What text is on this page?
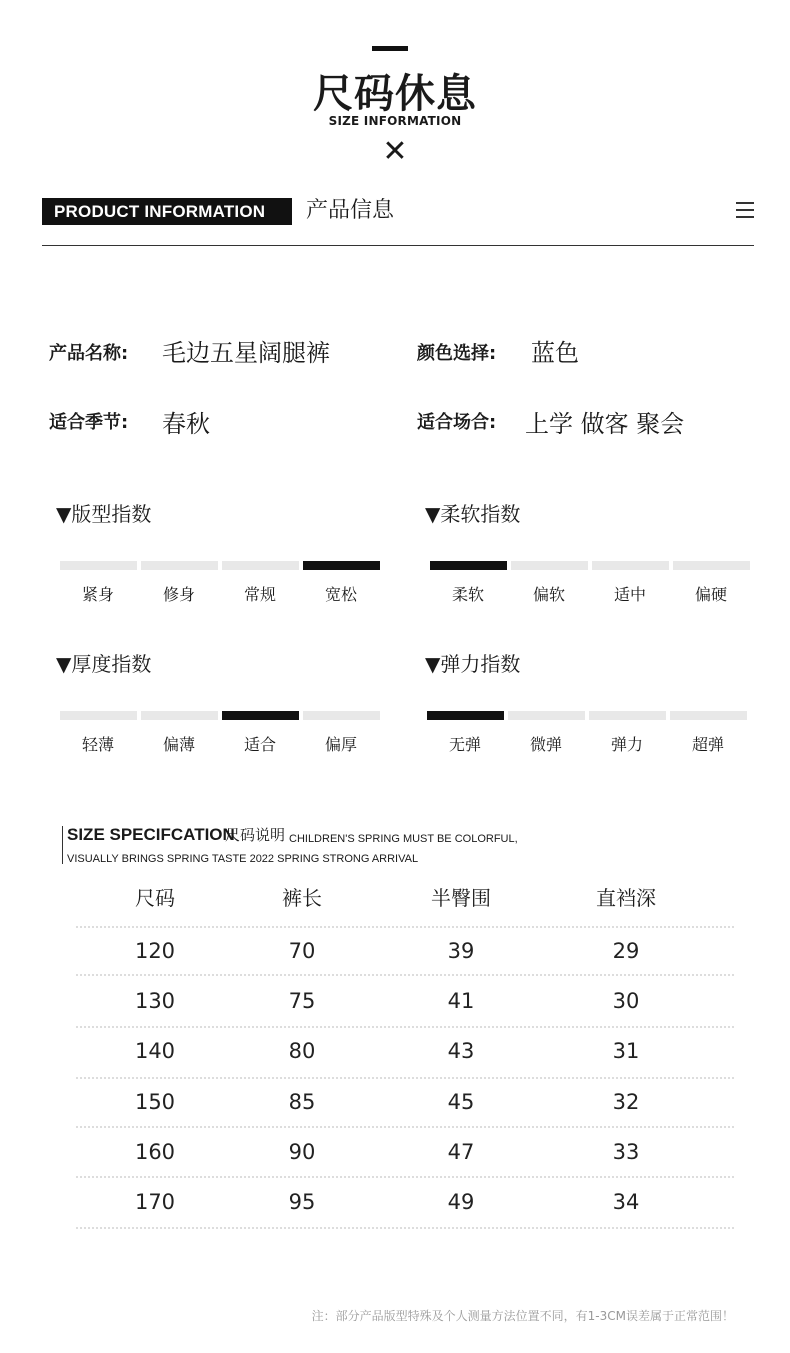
尺码休息
SIZE INFORMATION
✕
PRODUCT INFORMATION	产品信息
产品名称: 毛边五星阔腿裤	颜色选择: 蓝色
适合季节: 春秋	适合场合: 上学 做客 聚会
▼版型指数
紧身	修身	常规	宽松
▼柔软指数
柔软	偏软	适中	偏硬
▼厚度指数
轻薄	偏薄	适合	偏厚
▼弹力指数
无弹	微弹	弹力	超弹
SIZE SPECIFCATION
尺码说明 CHILDREN'S SPRING MUST BE COLORFUL,
VISUALLY BRINGS SPRING TASTE 2022 SPRING STRONG ARRIVAL
尺码	裤长	半臀围	直裆深
120	70	39	29
130	75	41	30
140	80	43	31
150	85	45	32
160	90	47	33
170	95	49	34
注：部分产品版型特殊及个人测量方法位置不同，有1-3CM误差属于正常范围！
